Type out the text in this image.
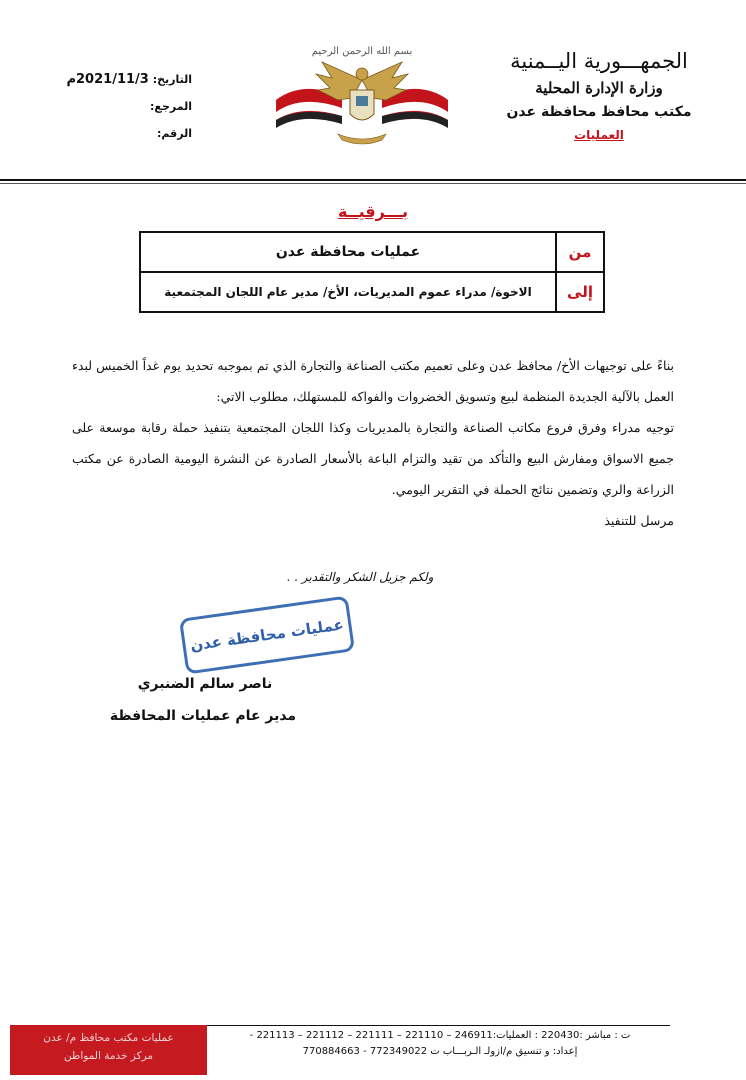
الجمهـــورية اليــمنية
وزارة الإدارة المحلية
مكتب محافظ محافظة عدن
العمليات
التاريخ: 2021/11/3م
المرجع:
الرقم:
بسم الله الرحمن الرحيم
بـــرقيــة
من	عمليات محافظة عدن
إلى	الاخوة/ مدراء عموم المديريات، الأخ/ مدير عام اللجان المجتمعية

بناءً على توجيهات الأخ/ محافظ عدن وعلى تعميم مكتب الصناعة والتجارة الذي تم بموجبه تحديد يوم غداً الخميس لبدء العمل بالآلية الجديدة المنظمة لبيع وتسويق الخضروات والفواكه للمستهلك، مطلوب الاتي:

توجيه مدراء وفرق فروع مكاتب الصناعة والتجارة بالمديريات وكذا اللجان المجتمعية بتنفيذ حملة رقابة موسعة على جميع الاسواق ومفارش البيع والتأكد من تقيد والتزام الباعة بالأسعار الصادرة عن النشرة اليومية الصادرة عن مكتب الزراعة والري وتضمين نتائج الحملة في التقرير اليومي.

مرسل للتنفيذ

ولكم جزيل الشكر والتقدير . .
عمليات محافظة عدن
ناصر سالم الضنبري
مدير عام عمليات المحافظة
عمليات مكتب محافظ م/ عدن
مركز خدمة المواطن
ت : مباشر :220430 : العمليات:246911 – 221110 – 221111 – 221112 – 221113 -
إعداد: و تنسيق م/ازولـ الـربـــاب ت 772349022 - 770884663
